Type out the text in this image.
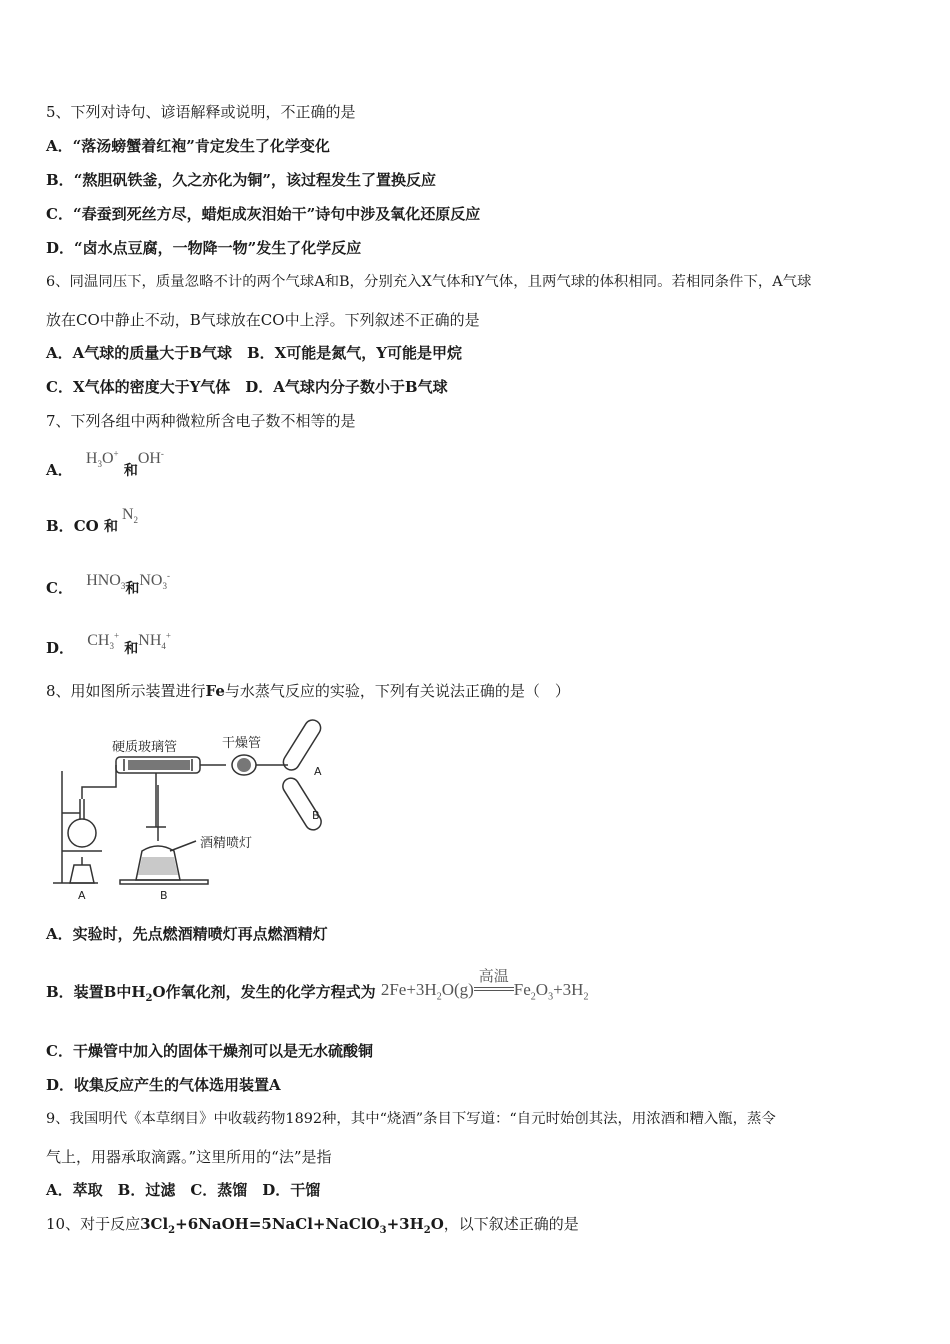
5、下列对诗句、谚语解释或说明，不正确的是
A．“落汤螃蟹着红袍”肯定发生了化学变化
B．“熬胆矾铁釜，久之亦化为铜”，该过程发生了置换反应
C．“春蚕到死丝方尽，蜡炬成灰泪始干”诗句中涉及氧化还原反应
D．“卤水点豆腐，一物降一物”发生了化学反应
6、同温同压下，质量忽略不计的两个气球A和B，分别充入X气体和Y气体，且两气球的体积相同。若相同条件下，A气球
放在CO中静止不动，B气球放在CO中上浮。下列叙述不正确的是
A．A气球的质量大于B气球　B．X可能是氮气，Y可能是甲烷
C．X气体的密度大于Y气体　D．A气球内分子数小于B气球
7、下列各组中两种微粒所含电子数不相等的是
A． $H_3O^+$ 和OH-
B．CO 和$N_2$
C． $HNO_3$和$NO_3^-$
D． $CH_3^+$ 和$NH_4^+$
8、用如图所示装置进行Fe与水蒸气反应的实验，下列有关说法正确的是（　）
硬质玻璃管	干燥管
酒精喷灯
A	B
A
B
A．实验时，先点燃酒精喷灯再点燃酒精灯
B．装置B中$H_2O$作氧化剂，发生的化学方程式为 $2Fe+3H_2O(g)$
高温
$Fe_2O_3+3H_2$
C．干燥管中加入的固体干燥剂可以是无水硫酸铜
D．收集反应产生的气体选用装置A
9、我国明代《本草纲目》中收载药物1892种，其中“烧酒”条目下写道：“自元时始创其法，用浓酒和糟入甑，蒸令
气上，用器承取滴露。”这里所用的“法”是指
A．萃取　B．过滤　C．蒸馏　D．干馏
10、对于反应$3Cl_2+6NaOH=5NaCl+NaClO_3+3H_2O$，以下叙述正确的是
